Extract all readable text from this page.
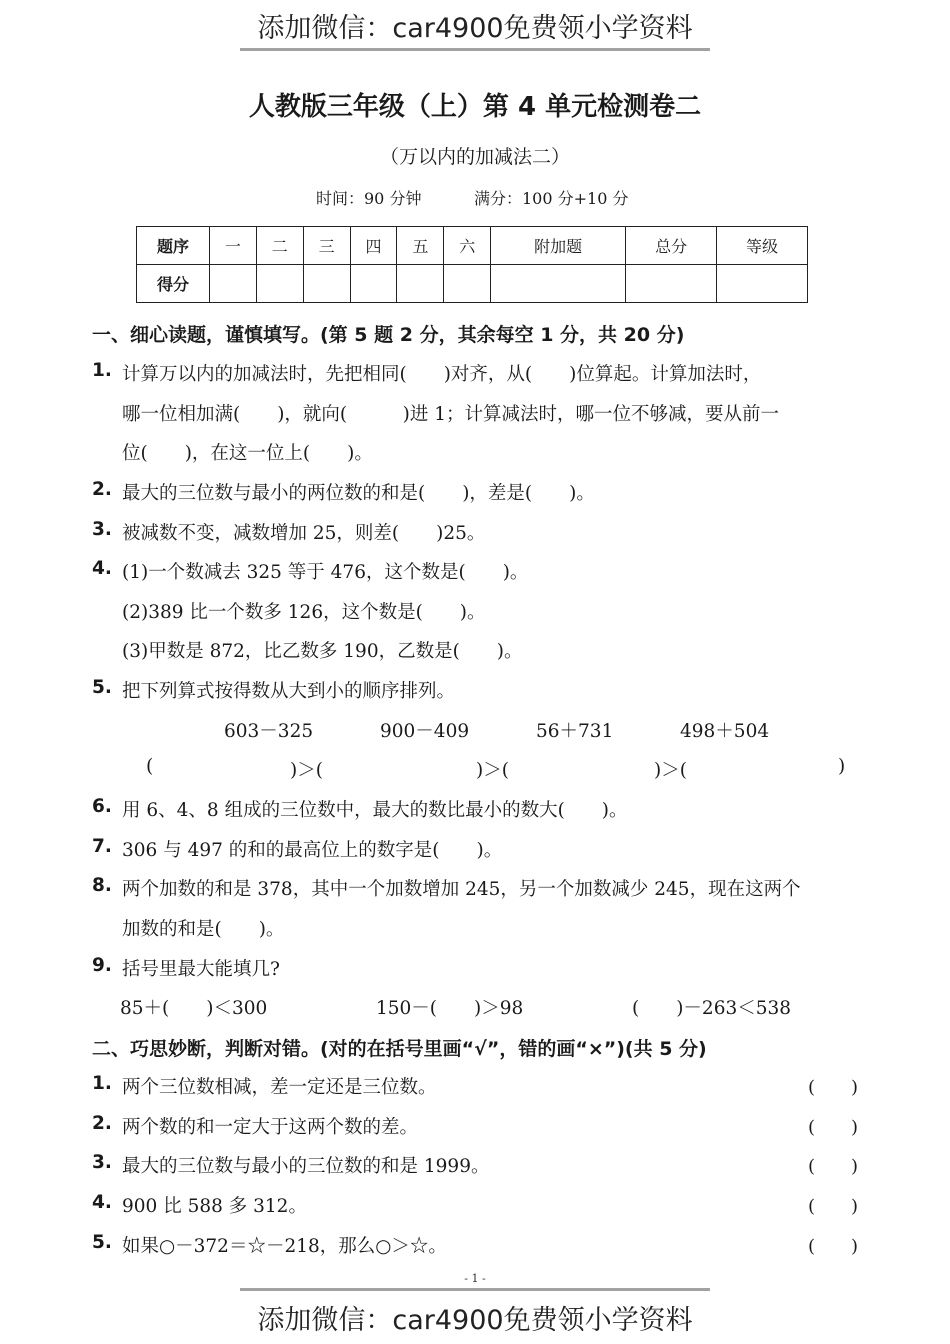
添加微信：car4900免费领小学资料
人教版三年级（上）第 4 单元检测卷二
（万以内的加减法二）
时间：90 分钟	满分：100 分+10 分
题序	一	二	三	四	五	六	附加题	总分	等级
得分									
一、细心读题，谨慎填写。(第 5 题 2 分，其余每空 1 分，共 20 分)
1. 计算万以内的加减法时，先把相同(　　)对齐，从(　　)位算起。计算加法时，
哪一位相加满(　　)，就向(　　　)进 1；计算减法时，哪一位不够减，要从前一
位(　　)，在这一位上(　　)。
2. 最大的三位数与最小的两位数的和是(　　)，差是(　　)。
3. 被减数不变，减数增加 25，则差(　　)25。
4. (1)一个数减去 325 等于 476，这个数是(　　)。
(2)389 比一个数多 126，这个数是(　　)。
(3)甲数是 872，比乙数多 190，乙数是(　　)。
5. 把下列算式按得数从大到小的顺序排列。
603－325	900－409	56＋731	498＋504
(	)＞(	)＞(	)＞(	)
6. 用 6、4、8 组成的三位数中，最大的数比最小的数大(　　)。
7. 306 与 497 的和的最高位上的数字是(　　)。
8. 两个加数的和是 378，其中一个加数增加 245，另一个加数减少 245，现在这两个
加数的和是(　　)。
9. 括号里最大能填几?
85＋(　　)＜300	150－(　　)＞98	(　　)－263＜538
二、巧思妙断，判断对错。(对的在括号里画“√”，错的画“×”)(共 5 分)
1. 两个三位数相减，差一定还是三位数。	(　　)
2. 两个数的和一定大于这两个数的差。	(　　)
3. 最大的三位数与最小的三位数的和是 1999。	(　　)
4. 900 比 588 多 312。	(　　)
5. 如果○－372＝☆－218，那么○＞☆。	(　　)
- 1 -
添加微信：car4900免费领小学资料
